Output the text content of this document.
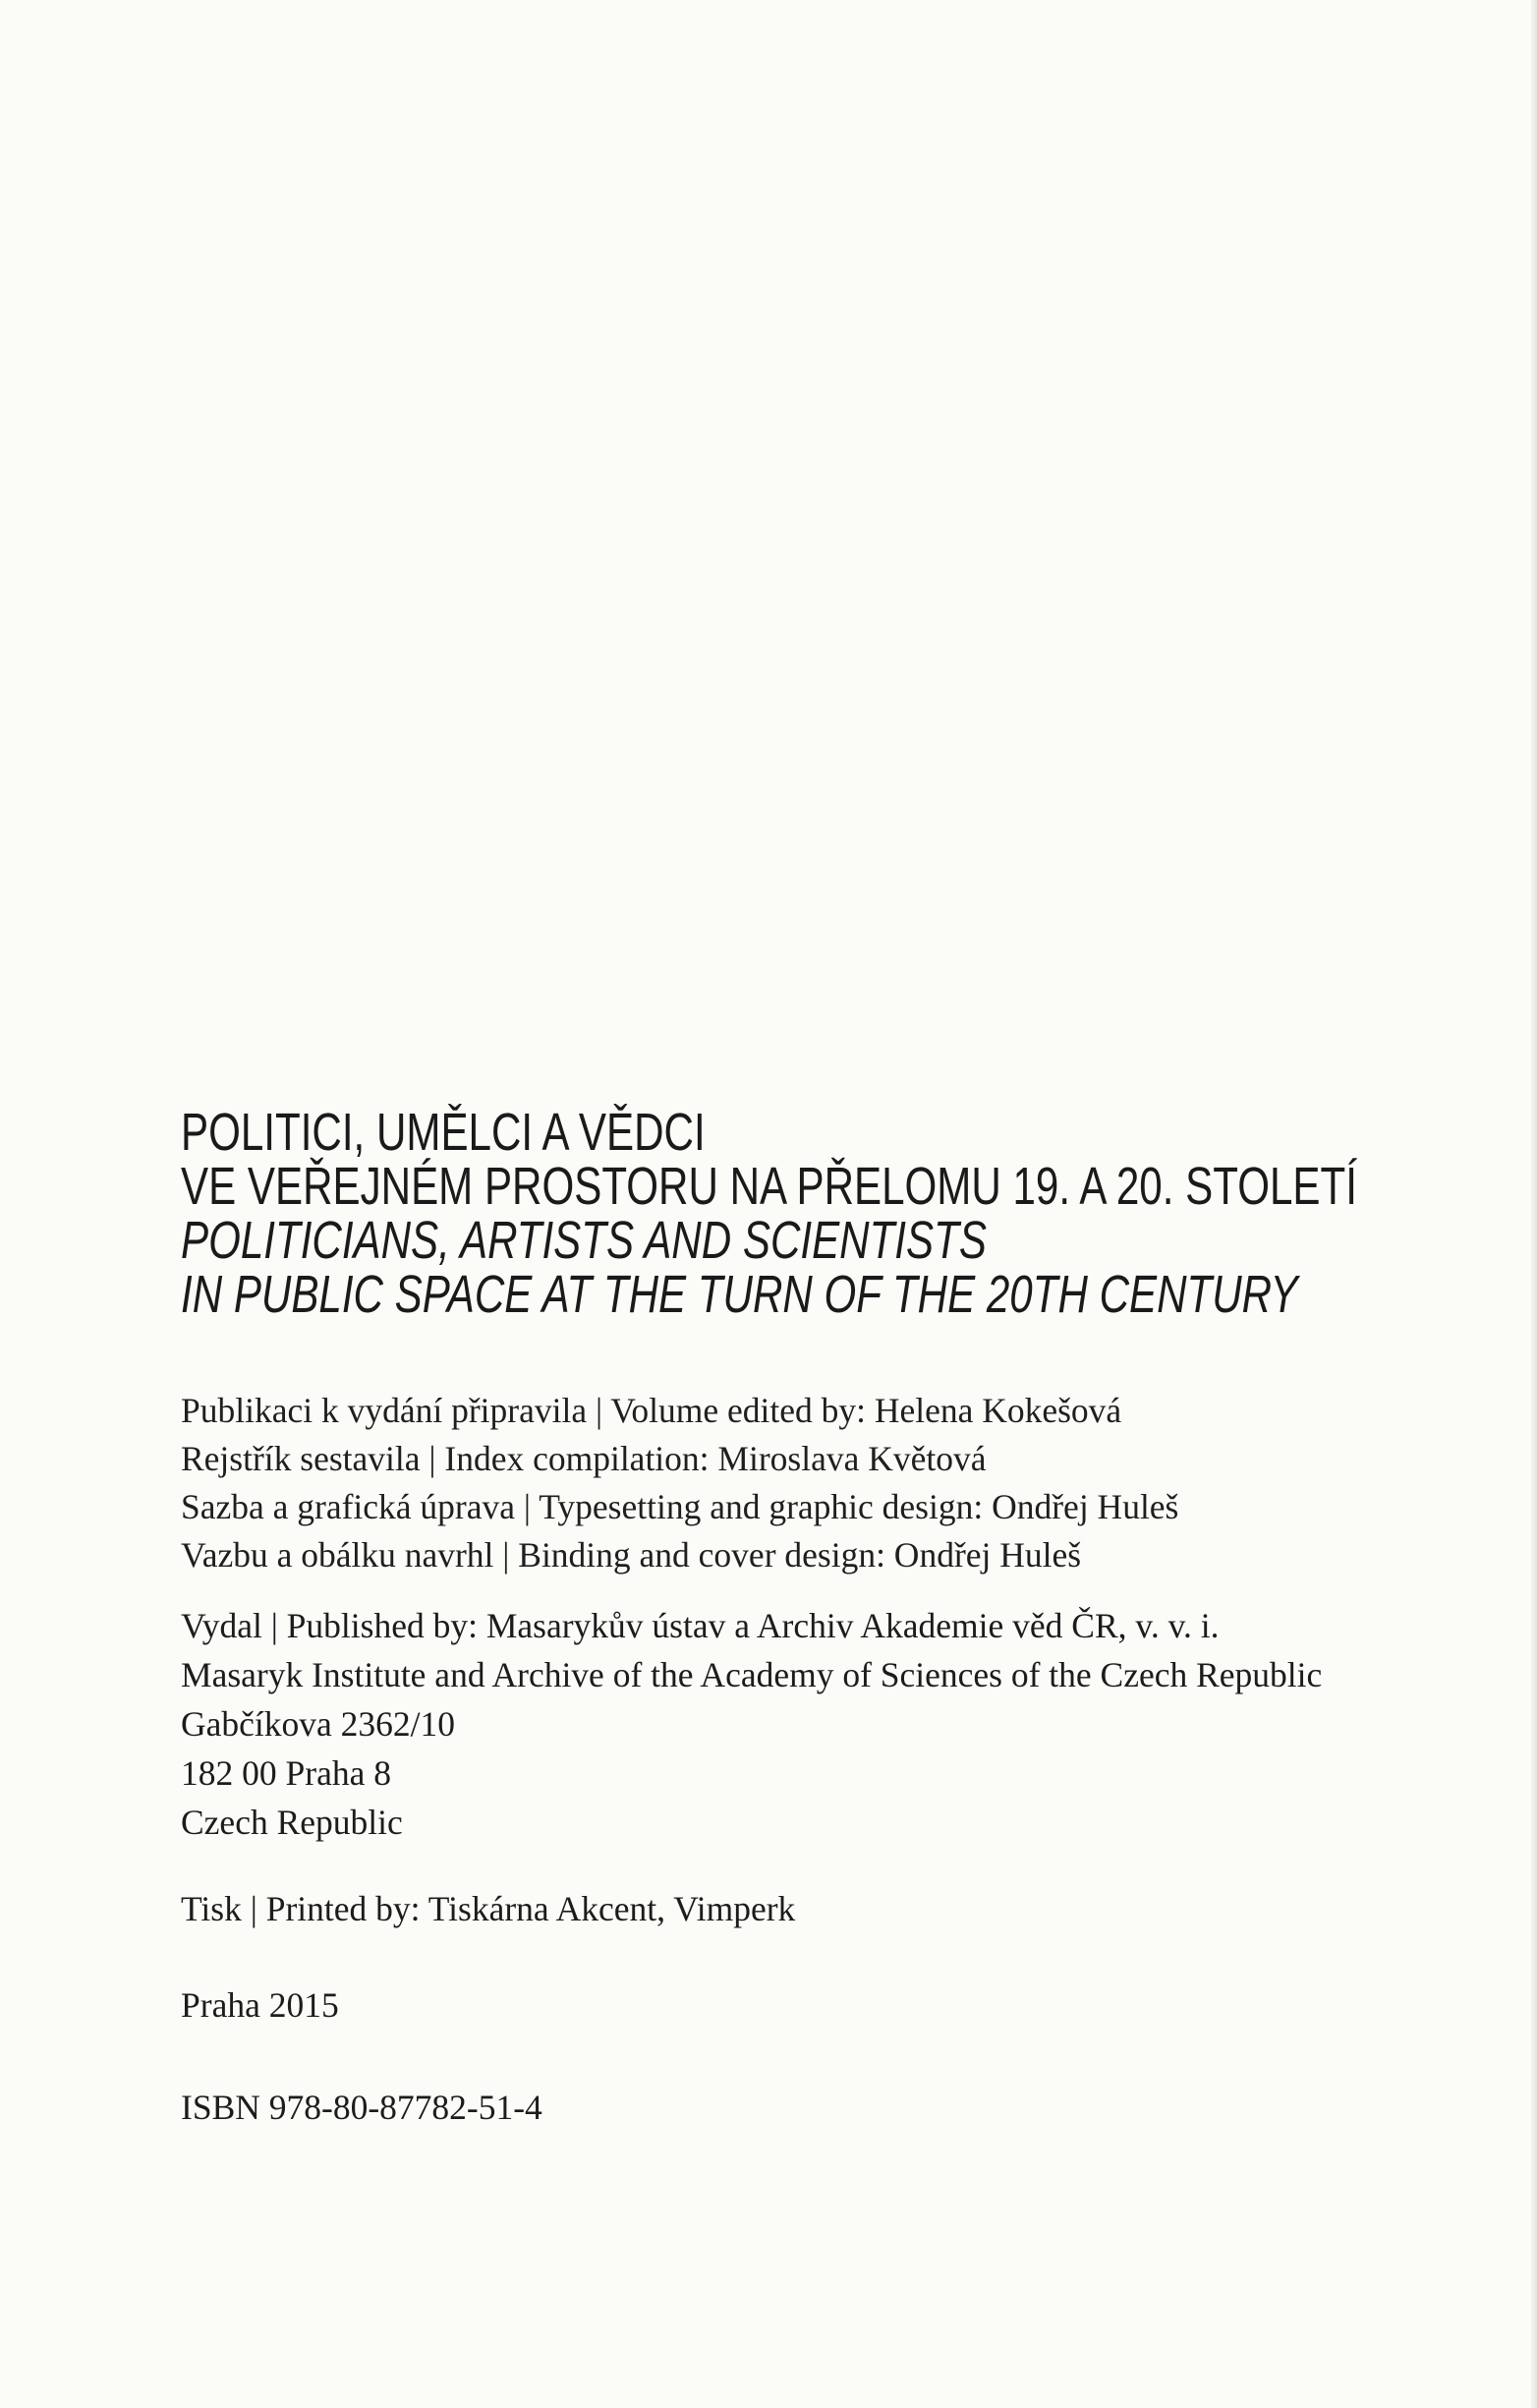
POLITICI, UMĚLCI A VĚDCI
VE VEŘEJNÉM PROSTORU NA PŘELOMU 19. A 20. STOLETÍ
POLITICIANS, ARTISTS AND SCIENTISTS
IN PUBLIC SPACE AT THE TURN OF THE 20TH CENTURY
Publikaci k vydání připravila | Volume edited by: Helena Kokešová
Rejstřík sestavila | Index compilation: Miroslava Květová
Sazba a grafická úprava | Typesetting and graphic design: Ondřej Huleš
Vazbu a obálku navrhl | Binding and cover design: Ondřej Huleš
Vydal | Published by: Masarykův ústav a Archiv Akademie věd ČR, v. v. i.
Masaryk Institute and Archive of the Academy of Sciences of the Czech Republic
Gabčíkova 2362/10
182 00 Praha 8
Czech Republic
Tisk | Printed by: Tiskárna Akcent, Vimperk
Praha 2015
ISBN 978-80-87782-51-4
